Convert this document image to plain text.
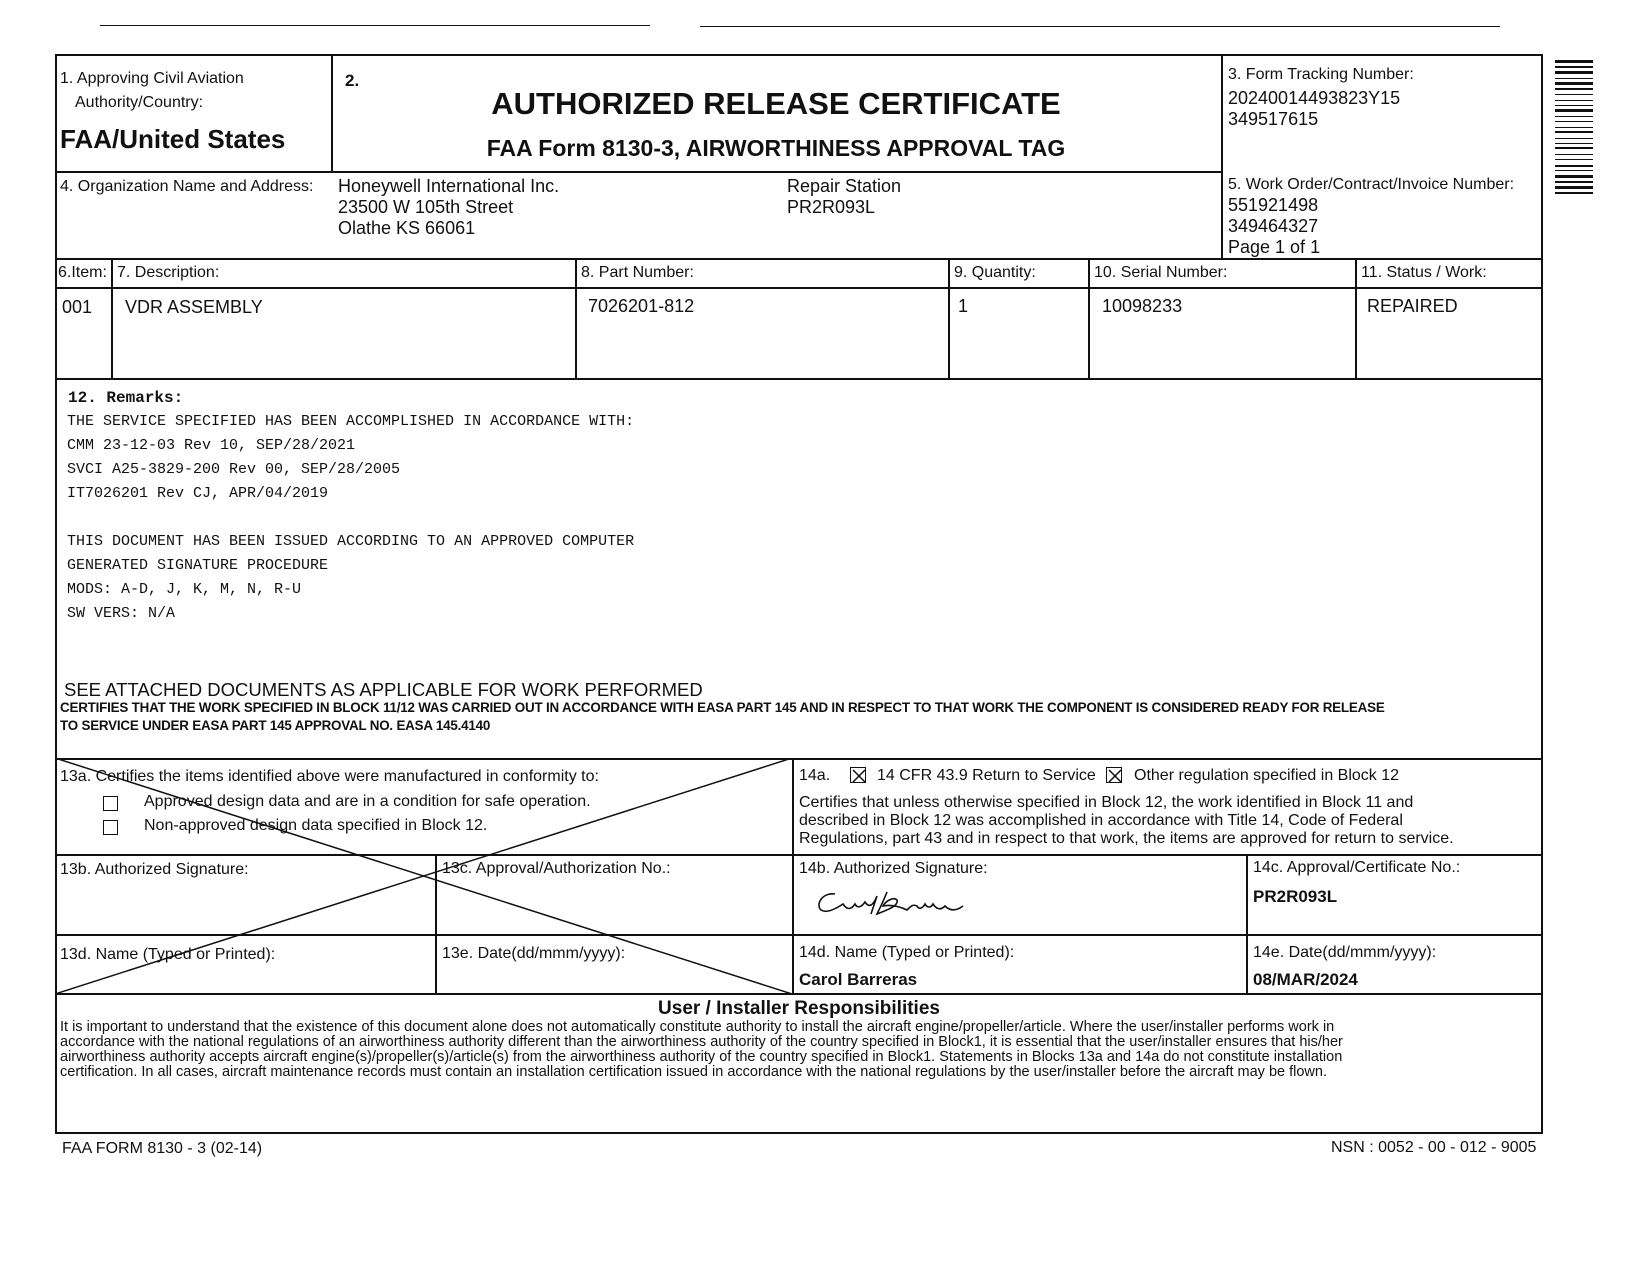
1. Approving Civil Aviation
Authority/Country:
FAA/United States
2.
AUTHORIZED RELEASE CERTIFICATE
FAA Form 8130-3, AIRWORTHINESS APPROVAL TAG
3. Form Tracking Number:
20240014493823Y15
349517615
4. Organization Name and Address: Honeywell International Inc.
23500 W 105th Street
Olathe KS 66061
Repair Station
PR2R093L
5. Work Order/Contract/Invoice Number:
551921498
349464327
Page 1 of 1
6.Item: 7. Description:	8. Part Number:	9. Quantity:	10. Serial Number:	11. Status / Work:
001 VDR ASSEMBLY	7026201-812	1	10098233	REPAIRED
12. Remarks:
THE SERVICE SPECIFIED HAS BEEN ACCOMPLISHED IN ACCORDANCE WITH:
CMM 23-12-03 Rev 10, SEP/28/2021
SVCI A25-3829-200 Rev 00, SEP/28/2005
IT7026201 Rev CJ, APR/04/2019

THIS DOCUMENT HAS BEEN ISSUED ACCORDING TO AN APPROVED COMPUTER
GENERATED SIGNATURE PROCEDURE
MODS: A-D, J, K, M, N, R-U
SW VERS: N/A
SEE ATTACHED DOCUMENTS AS APPLICABLE FOR WORK PERFORMED
CERTIFIES THAT THE WORK SPECIFIED IN BLOCK 11/12 WAS CARRIED OUT IN ACCORDANCE WITH EASA PART 145 AND IN RESPECT TO THAT WORK THE COMPONENT IS CONSIDERED READY FOR RELEASE
TO SERVICE UNDER EASA PART 145 APPROVAL NO. EASA 145.4140
13a. Certifies the items identified above were manufactured in conformity to:
Approved design data and are in a condition for safe operation.
Non-approved design data specified in Block 12.
13b. Authorized Signature:	13c. Approval/Authorization No.:
13d. Name (Typed or Printed):	13e. Date(dd/mmm/yyyy):
14a.	14 CFR 43.9 Return to Service Other regulation specified in Block 12
Certifies that unless otherwise specified in Block 12, the work identified in Block 11 and
described in Block 12 was accomplished in accordance with Title 14, Code of Federal
Regulations, part 43 and in respect to that work, the items are approved for return to service.
14b. Authorized Signature:	14c. Approval/Certificate No.:
PR2R093L
14d. Name (Typed or Printed):
Carol Barreras
14e. Date(dd/mmm/yyyy):
08/MAR/2024
User / Installer Responsibilities
It is important to understand that the existence of this document alone does not automatically constitute authority to install the aircraft engine/propeller/article. Where the user/installer performs work in
accordance with the national regulations of an airworthiness authority different than the airworthiness authority of the country specified in Block1, it is essential that the user/installer ensures that his/her
airworthiness authority accepts aircraft engine(s)/propeller(s)/article(s) from the airworthiness authority of the country specified in Block1. Statements in Blocks 13a and 14a do not constitute installation
certification. In all cases, aircraft maintenance records must contain an installation certification issued in accordance with the national regulations by the user/installer before the aircraft may be flown.
FAA FORM 8130 - 3 (02-14)	NSN : 0052 - 00 - 012 - 9005
